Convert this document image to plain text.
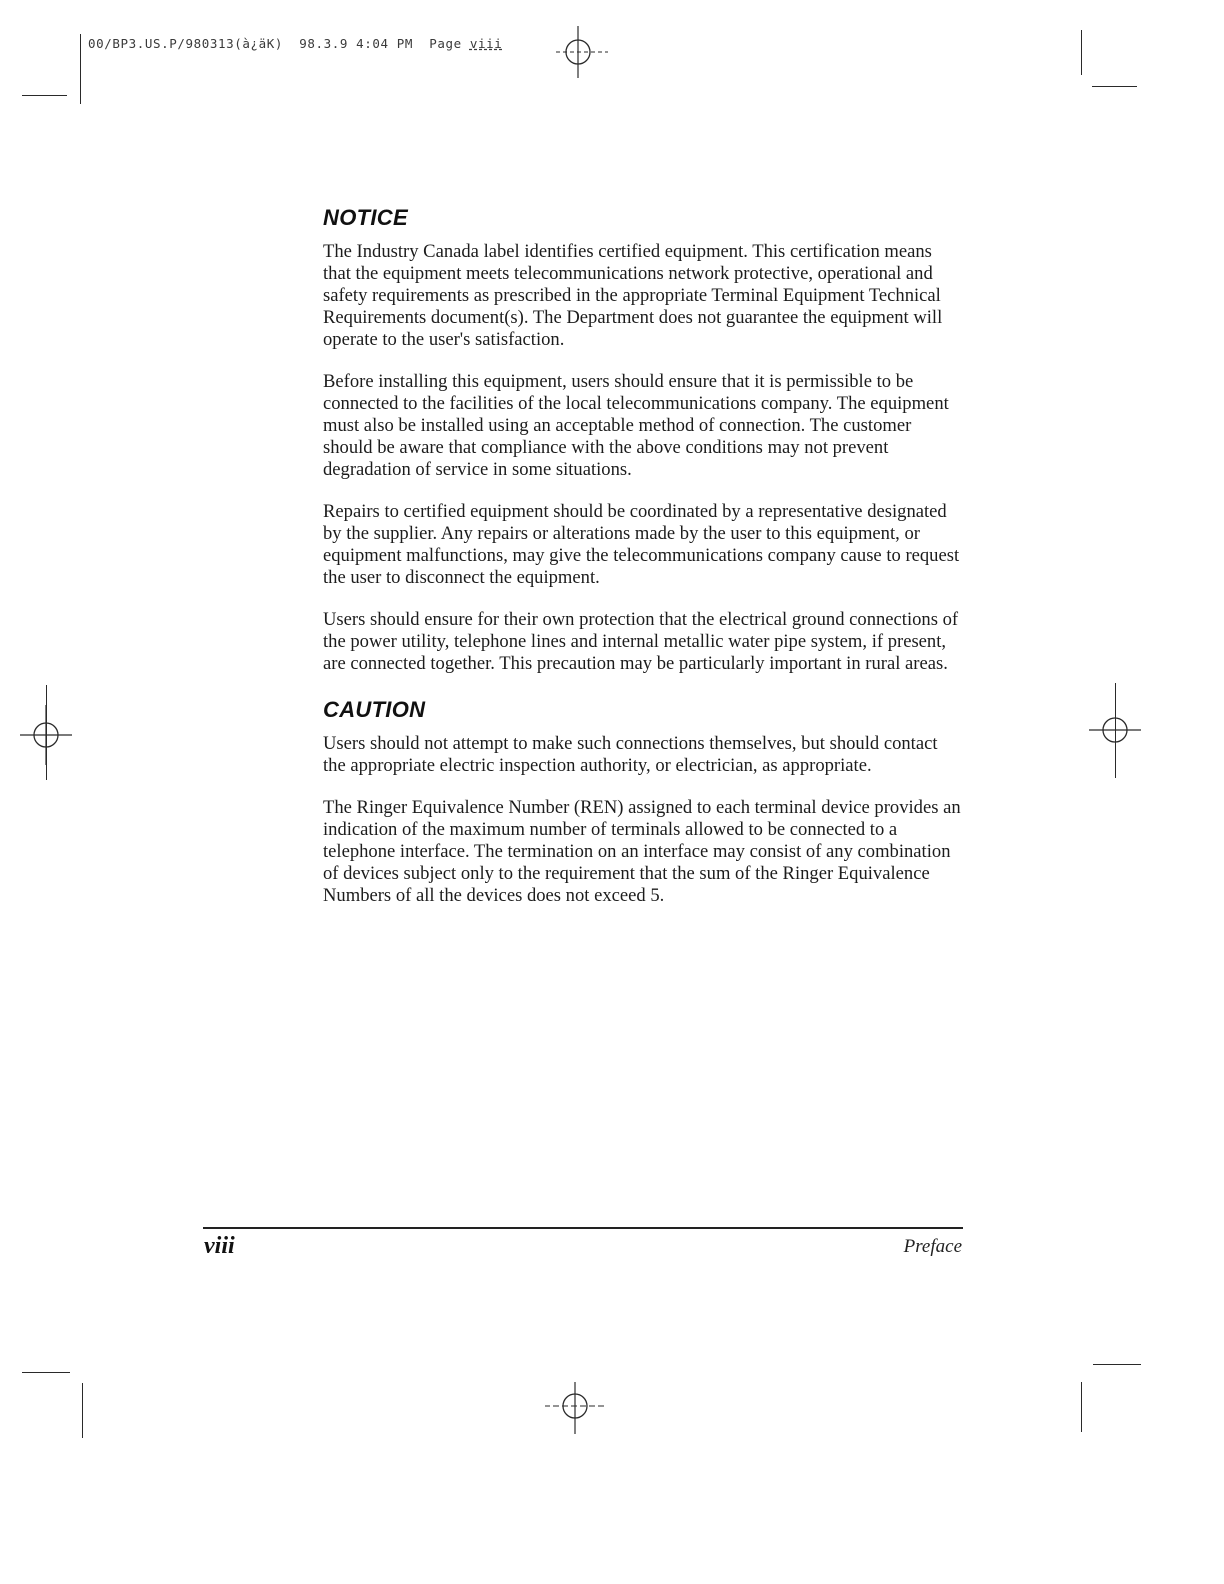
00/BP3.US.P/980313(à¿äK)  98.3.9 4:04 PM  Page viii
NOTICE

The Industry Canada label identifies certified equipment. This certification means that the equipment meets telecommunications network protective, operational and safety requirements as prescribed in the appropriate Terminal Equipment Technical Requirements document(s). The Department does not guarantee the equipment will operate to the user's satisfaction.

Before installing this equipment, users should ensure that it is permissible to be connected to the facilities of the local telecommunications company. The equipment must also be installed using an acceptable method of connection. The customer should be aware that compliance with the above conditions may not prevent degradation of service in some situations.

Repairs to certified equipment should be coordinated by a representative designated by the supplier. Any repairs or alterations made by the user to this equipment, or equipment malfunctions, may give the telecommunications company cause to request the user to disconnect the equipment.

Users should ensure for their own protection that the electrical ground connections of the power utility, telephone lines and internal metallic water pipe system, if present, are connected together. This precaution may be particularly important in rural areas.

CAUTION

Users should not attempt to make such connections themselves, but should contact the appropriate electric inspection authority, or electrician, as appropriate.

The Ringer Equivalence Number (REN) assigned to each terminal device provides an indication of the maximum number of terminals allowed to be connected to a telephone interface. The termination on an interface may consist of any combination of devices subject only to the requirement that the sum of the Ringer Equivalence Numbers of all the devices does not exceed 5.

viii	Preface
